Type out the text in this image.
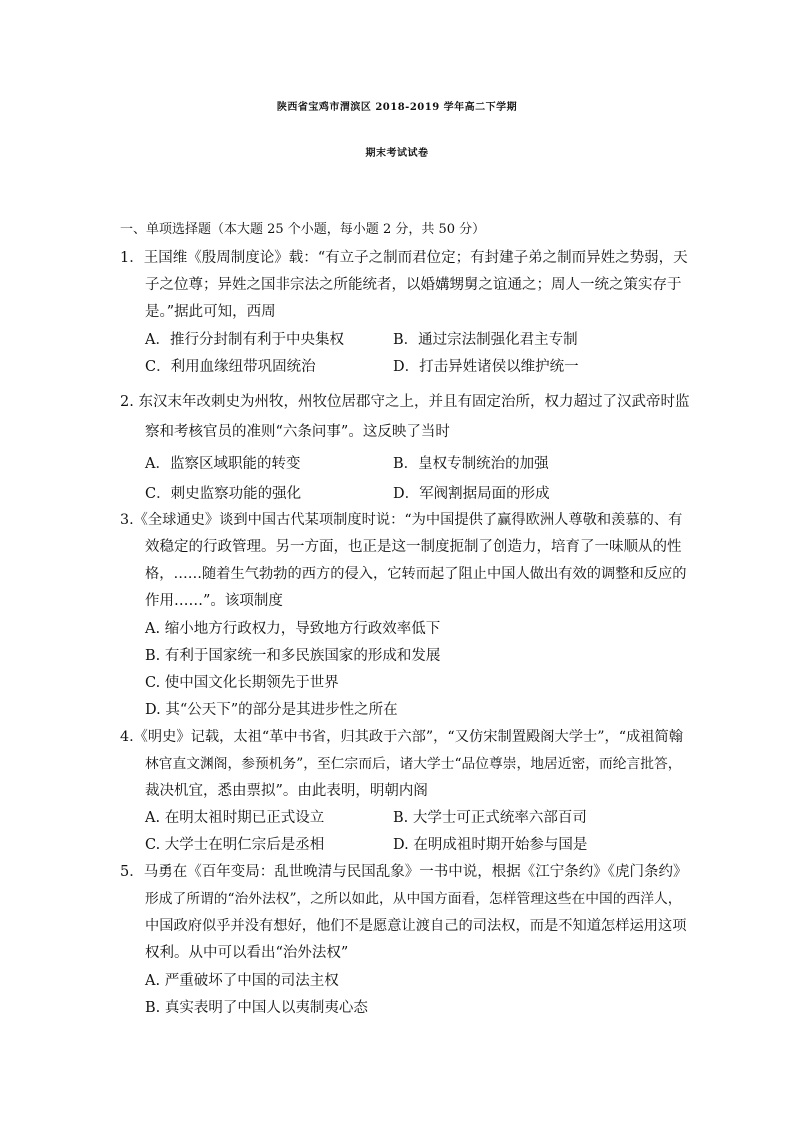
陕西省宝鸡市渭滨区 2018-2019 学年高二下学期
期末考试试卷
一、单项选择题（本大题 25 个小题，每小题 2 分，共 50 分）
1．王国维《殷周制度论》载：“有立子之制而君位定；有封建子弟之制而异姓之势弱，天
子之位尊；异姓之国非宗法之所能统者，以婚媾甥舅之谊通之；周人一统之策实存于
是。”据此可知，西周
A．推行分封制有利于中央集权	B．通过宗法制强化君主专制
C．利用血缘纽带巩固统治	D．打击异姓诸侯以维护统一
2. 东汉末年改刺史为州牧，州牧位居郡守之上，并且有固定治所，权力超过了汉武帝时监
察和考核官员的准则“六条问事”。这反映了当时
A．监察区域职能的转变	B．皇权专制统治的加强
C．刺史监察功能的强化	D．军阀割据局面的形成
3.《全球通史》谈到中国古代某项制度时说：“为中国提供了赢得欧洲人尊敬和羡慕的、有
效稳定的行政管理。另一方面，也正是这一制度扼制了创造力，培育了一味顺从的性
格，……随着生气勃勃的西方的侵入，它转而起了阻止中国人做出有效的调整和反应的
作用……”。该项制度
A. 缩小地方行政权力，导致地方行政效率低下
B. 有利于国家统一和多民族国家的形成和发展
C. 使中国文化长期领先于世界
D. 其“公天下”的部分是其进步性之所在
4.《明史》记载，太祖“革中书省，归其政于六部”，“又仿宋制置殿阁大学士”，“成祖简翰
林官直文渊阁，参预机务”，至仁宗而后，诸大学士“品位尊崇，地居近密，而纶言批答，
裁决机宜，悉由票拟”。由此表明，明朝内阁
A. 在明太祖时期已正式设立	B. 大学士可正式统率六部百司
C. 大学士在明仁宗后是丞相	D. 在明成祖时期开始参与国是
5．马勇在《百年变局：乱世晚清与民国乱象》一书中说，根据《江宁条约》《虎门条约》
形成了所谓的“治外法权”，之所以如此，从中国方面看，怎样管理这些在中国的西洋人，
中国政府似乎并没有想好，他们不是愿意让渡自己的司法权，而是不知道怎样运用这项
权利。从中可以看出“治外法权”
A. 严重破坏了中国的司法主权
B. 真实表明了中国人以夷制夷心态
